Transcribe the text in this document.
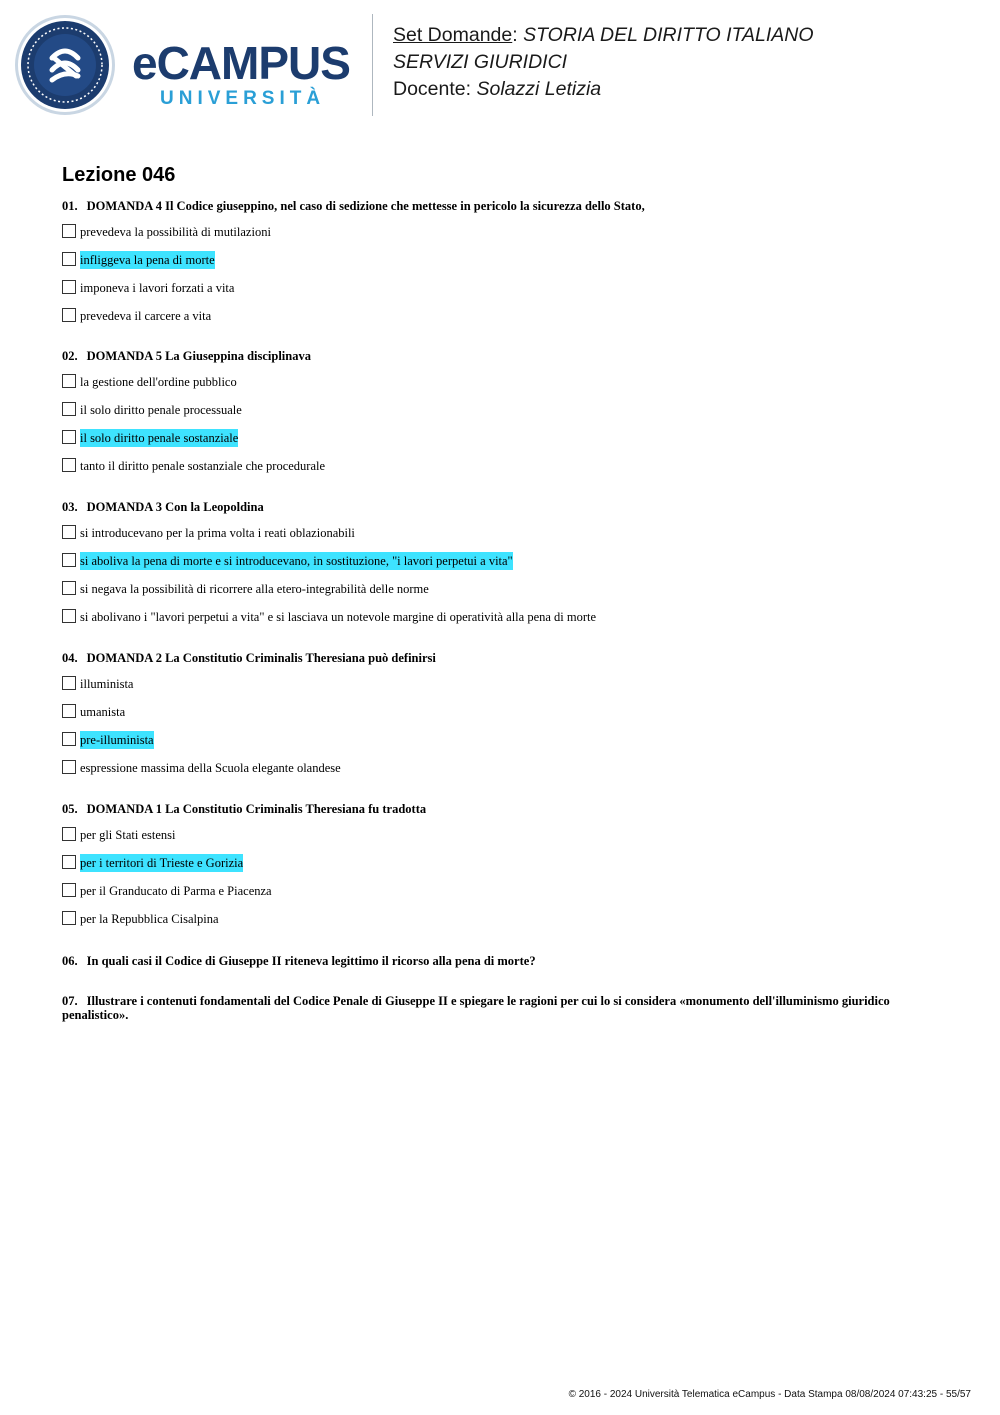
eCAMPUS
UNIVERSITÀ
Set Domande: STORIA DEL DIRITTO ITALIANO
SERVIZI GIURIDICI
Docente: Solazzi Letizia
Lezione 046
01. DOMANDA 4 Il Codice giuseppino, nel caso di sedizione che mettesse in pericolo la sicurezza dello Stato,
prevedeva la possibilità di mutilazioni
infliggeva la pena di morte
imponeva i lavori forzati a vita
prevedeva il carcere a vita
02. DOMANDA 5 La Giuseppina disciplinava
la gestione dell'ordine pubblico
il solo diritto penale processuale
il solo diritto penale sostanziale
tanto il diritto penale sostanziale che procedurale
03. DOMANDA 3 Con la Leopoldina
si introducevano per la prima volta i reati oblazionabili
si aboliva la pena di morte e si introducevano, in sostituzione, "i lavori perpetui a vita"
si negava la possibilità di ricorrere alla etero-integrabilità delle norme
si abolivano i "lavori perpetui a vita" e si lasciava un notevole margine di operatività alla pena di morte
04. DOMANDA 2 La Constitutio Criminalis Theresiana può definirsi
illuminista
umanista
pre-illuminista
espressione massima della Scuola elegante olandese
05. DOMANDA 1 La Constitutio Criminalis Theresiana fu tradotta
per gli Stati estensi
per i territori di Trieste e Gorizia
per il Granducato di Parma e Piacenza
per la Repubblica Cisalpina
06. In quali casi il Codice di Giuseppe II riteneva legittimo il ricorso alla pena di morte?
07. Illustrare i contenuti fondamentali del Codice Penale di Giuseppe II e spiegare le ragioni per cui lo si considera «monumento dell'illuminismo giuridico penalistico».
© 2016 - 2024 Università Telematica eCampus - Data Stampa 08/08/2024 07:43:25 - 55/57
